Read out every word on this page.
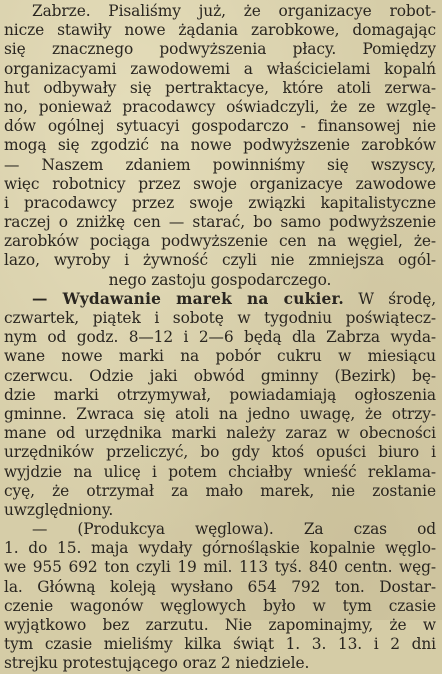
Zabrze. Pisaliśmy już, że organizacye robot-
nicze stawiły nowe żądania zarobkowe, domagając
się znacznego podwyższenia płacy. Pomiędzy
organizacyami zawodowemi a właścicielami kopalń
hut odbywały się pertraktacye, które atoli zerwa-
no, ponieważ pracodawcy oświadczyli, że ze wzglę-
dów ogólnej sytuacyi gospodarczo - finansowej nie
mogą się zgodzić na nowe podwyższenie zarobków
— Naszem zdaniem powinniśmy się wszyscy,
więc robotnicy przez swoje organizacye zawodowe
i pracodawcy przez swoje związki kapitalistyczne
raczej o zniżkę cen — starać, bo samo podwyższenie
zarobków pociąga podwyższenie cen na węgiel, że-
lazo, wyroby i żywność czyli nie zmniejsza ogól-
nego zastoju gospodarczego.
— Wydawanie marek na cukier. W środę,
czwartek, piątek i sobotę w tygodniu poświątecz-
nym od godz. 8—12 i 2—6 będą dla Zabrza wyda-
wane nowe marki na pobór cukru w miesiącu
czerwcu. Odzie jaki obwód gminny (Bezirk) bę-
dzie marki otrzymywał, powiadamiają ogłoszenia
gminne. Zwraca się atoli na jedno uwagę, że otrzy-
mane od urzędnika marki należy zaraz w obecności
urzędników przeliczyć, bo gdy ktoś opuści biuro i
wyjdzie na ulicę i potem chciałby wnieść reklama-
cyę, że otrzymał za mało marek, nie zostanie
uwzględniony.
— (Produkcya węglowa). Za czas od
1. do 15. maja wydały górnośląskie kopalnie węglo-
we 955 692 ton czyli 19 mil. 113 tyś. 840 centn. węg-
la. Główną koleją wysłano 654 792 ton. Dostar-
czenie wagonów węglowych było w tym czasie
wyjątkowo bez zarzutu. Nie zapominajmy, że w
tym czasie mieliśmy kilka świąt 1. 3. 13. i 2 dni
strejku protestującego oraz 2 niedziele.
